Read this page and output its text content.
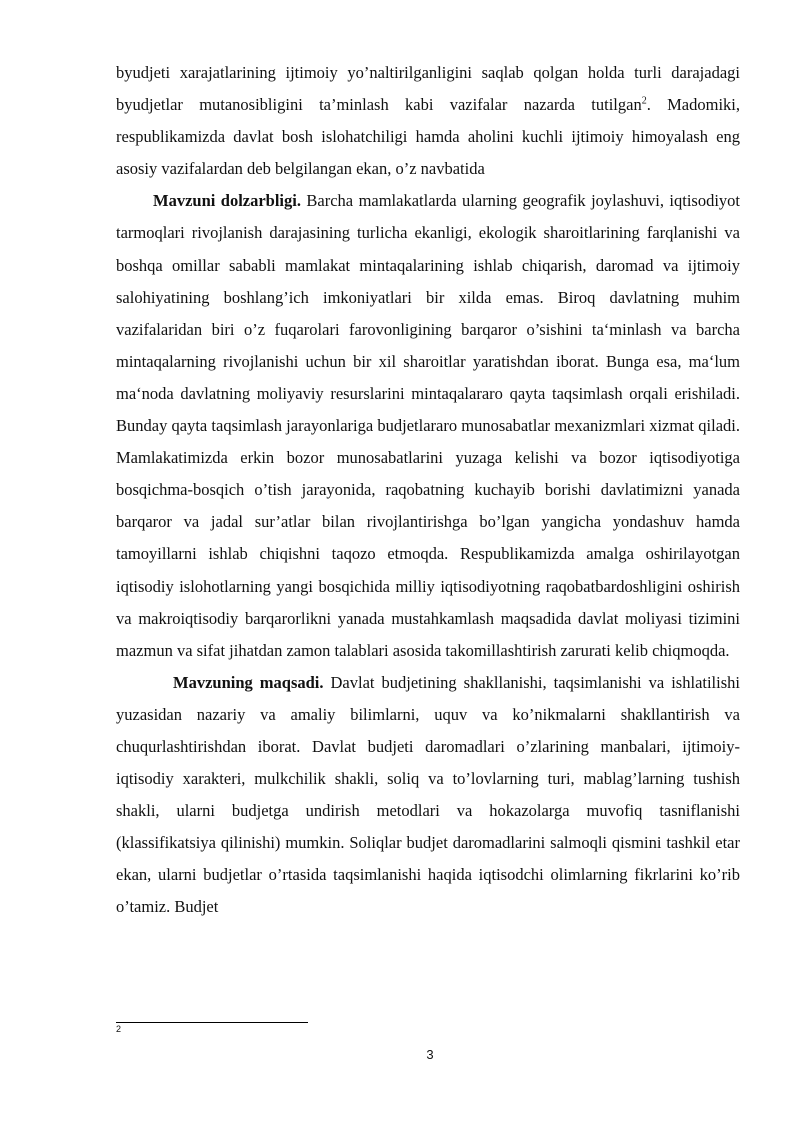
byudjeti xarajatlarining ijtimoiy yo’naltirilganligini saqlab qolgan holda turli darajadagi byudjetlar mutanosibligini ta’minlash kabi vazifalar nazarda tutilgan$^2$. Madomiki, respublikamizda davlat bosh islohatchiligi hamda aholini kuchli ijtimoiy himoyalash eng asosiy vazifalardan deb belgilangan ekan, o’z navbatida

Mavzuni dolzarbligi. Barcha mamlakatlarda ularning geografik joylashuvi, iqtisodiyot tarmoqlari rivojlanish darajasining turlicha ekanligi, ekologik sharoitlarining farqlanishi va boshqa omillar sababli mamlakat mintaqalarining ishlab chiqarish, daromad va ijtimoiy salohiyatining boshlang’ich imkoniyatlari bir xilda emas. Biroq davlatning muhim vazifalaridan biri o’z fuqarolari farovonligining barqaror o’sishini ta‘minlash va barcha mintaqalarning rivojlanishi uchun bir xil sharoitlar yaratishdan iborat. Bunga esa, ma‘lum ma‘noda davlatning moliyaviy resurslarini mintaqalararo qayta taqsimlash orqali erishiladi. Bunday qayta taqsimlash jarayonlariga budjetlararo munosabatlar mexanizmlari xizmat qiladi. Mamlakatimizda erkin bozor munosabatlarini yuzaga kelishi va bozor iqtisodiyotiga bosqichma-bosqich o’tish jarayonida, raqobatning kuchayib borishi davlatimizni yanada barqaror va jadal sur’atlar bilan rivojlantirishga bo’lgan yangicha yondashuv hamda tamoyillarni ishlab chiqishni taqozo etmoqda. Respublikamizda amalga oshirilayotgan iqtisodiy islohotlarning yangi bosqichida milliy iqtisodiyotning raqobatbardoshligini oshirish va makroiqtisodiy barqarorlikni yanada mustahkamlash maqsadida davlat moliyasi tizimini mazmun va sifat jihatdan zamon talablari asosida takomillashtirish zarurati kelib chiqmoqda.

Mavzuning maqsadi. Davlat budjetining shakllanishi, taqsimlanishi va ishlatilishi yuzasidan nazariy va amaliy bilimlarni, uquv va ko’nikmalarni shakllantirish va chuqurlashtirishdan iborat. Davlat budjeti daromadlari o’zlarining manbalari, ijtimoiy-iqtisodiy xarakteri, mulkchilik shakli, soliq va to’lovlarning turi, mablag’larning tushish shakli, ularni budjetga undirish metodlari va hokazolarga muvofiq tasniflanishi (klassifikatsiya qilinishi) mumkin. Soliqlar budjet daromadlarini salmoqli qismini tashkil etar ekan, ularni budjetlar o’rtasida taqsimlanishi haqida iqtisodchi olimlarning fikrlarini ko’rib o’tamiz. Budjet

2
3
